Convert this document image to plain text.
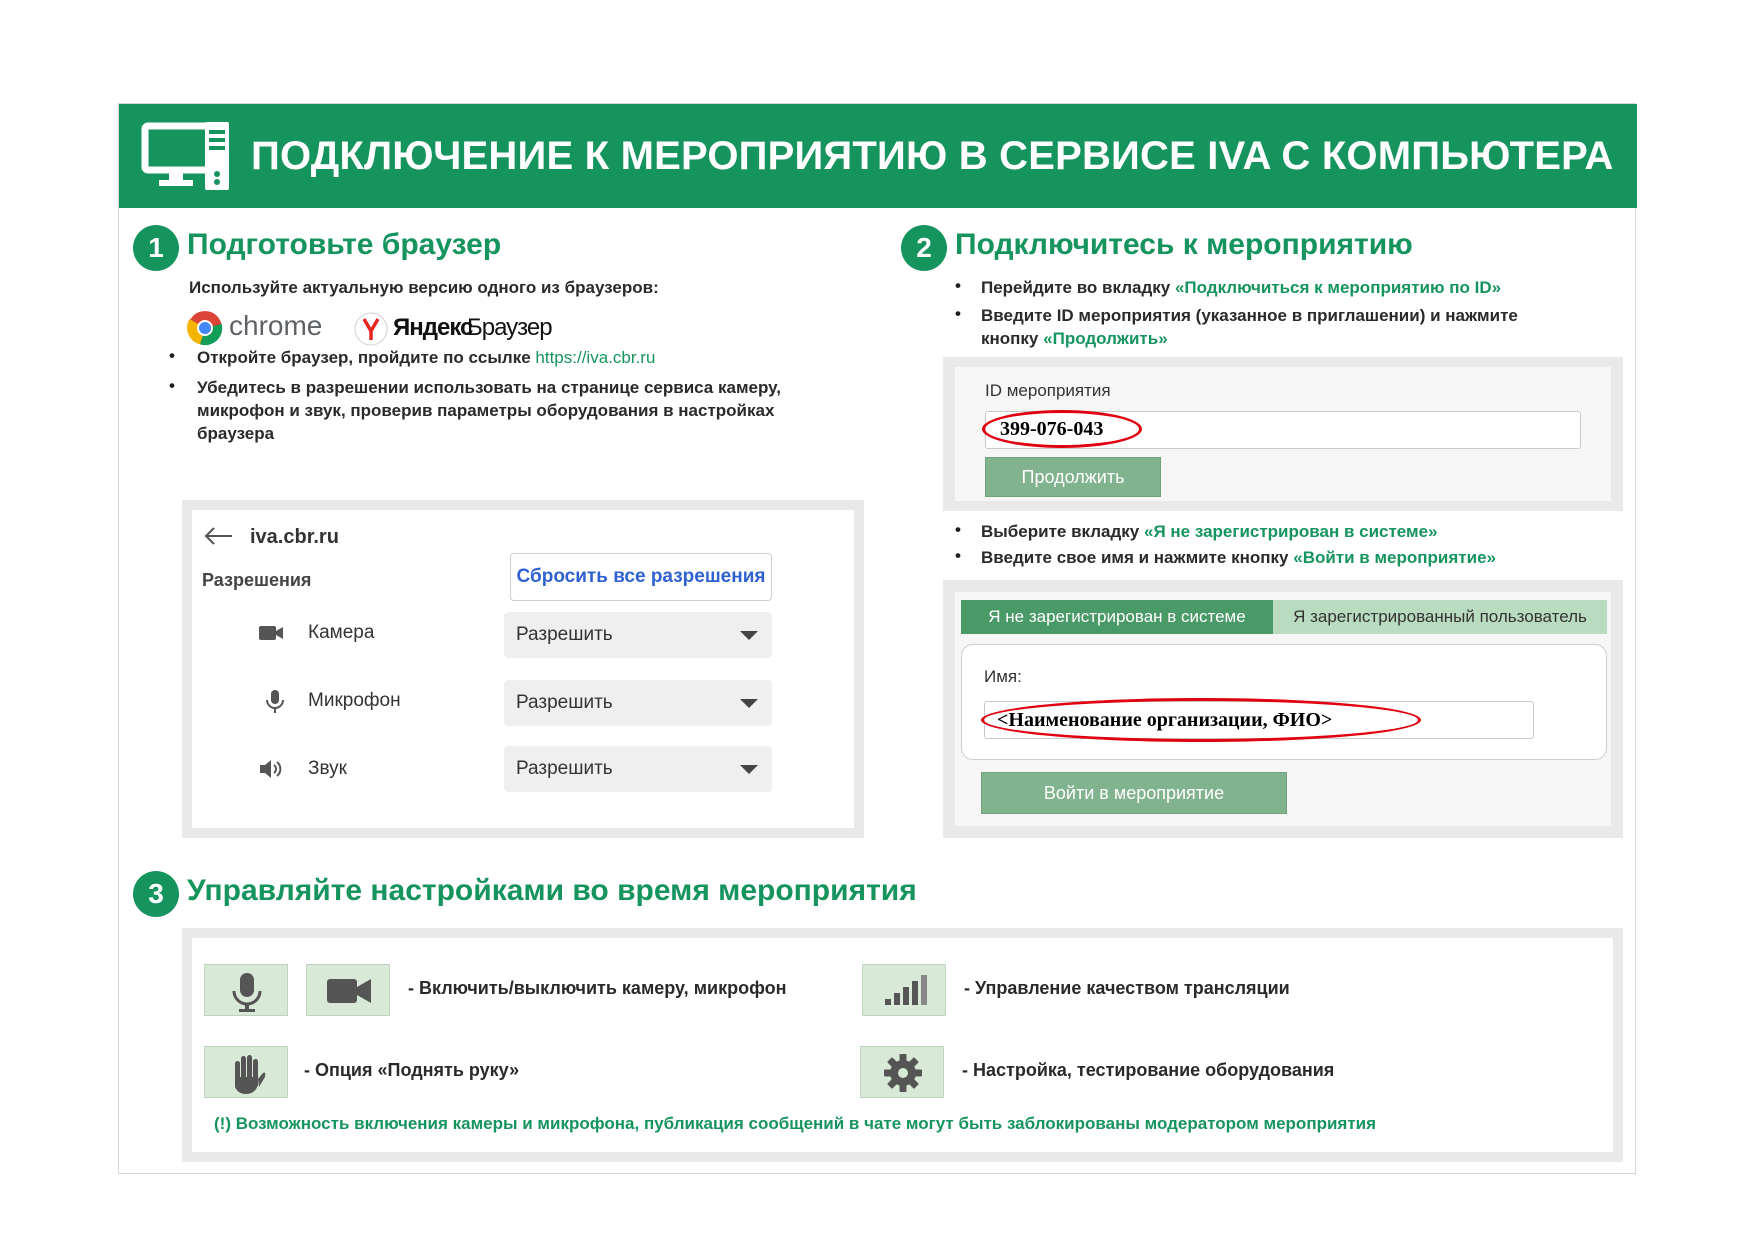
ПОДКЛЮЧЕНИЕ К МЕРОПРИЯТИЮ В СЕРВИСЕ IVA С КОМПЬЮТЕРА
1 Подготовьте браузер
Используйте актуальную версию одного из браузеров:
chrome	Яндекс
Браузер
• Откройте браузер, пройдите по ссылке https://iva.cbr.ru
• Убедитесь в разрешении использовать на странице сервиса камеру,
микрофон и звук, проверив параметры оборудования в настройках
браузера
iva.cbr.ru
Разрешения	Сбросить все разрешения
Камера	Разрешить
Микрофон	Разрешить
Звук	Разрешить
2 Подключитесь к мероприятию
• Перейдите во вкладку «Подключиться к мероприятию по ID»
• Введите ID мероприятия (указанное в приглашении) и нажмите
кнопку «Продолжить»
ID мероприятия
399-076-043
Продолжить
• Выберите вкладку «Я не зарегистрирован в системе»
• Введите свое имя и нажмите кнопку «Войти в мероприятие»
Я не зарегистрирован в системе	Я зарегистрированный пользователь
Имя:
<Наименование организации, ФИО>
Войти в мероприятие
3 Управляйте настройками во время мероприятия
- Включить/выключить камеру, микрофон
- Опция «Поднять руку»
- Управление качеством трансляции
- Настройка, тестирование оборудования
(!) Возможность включения камеры и микрофона, публикация сообщений в чате могут быть заблокированы модератором мероприятия
